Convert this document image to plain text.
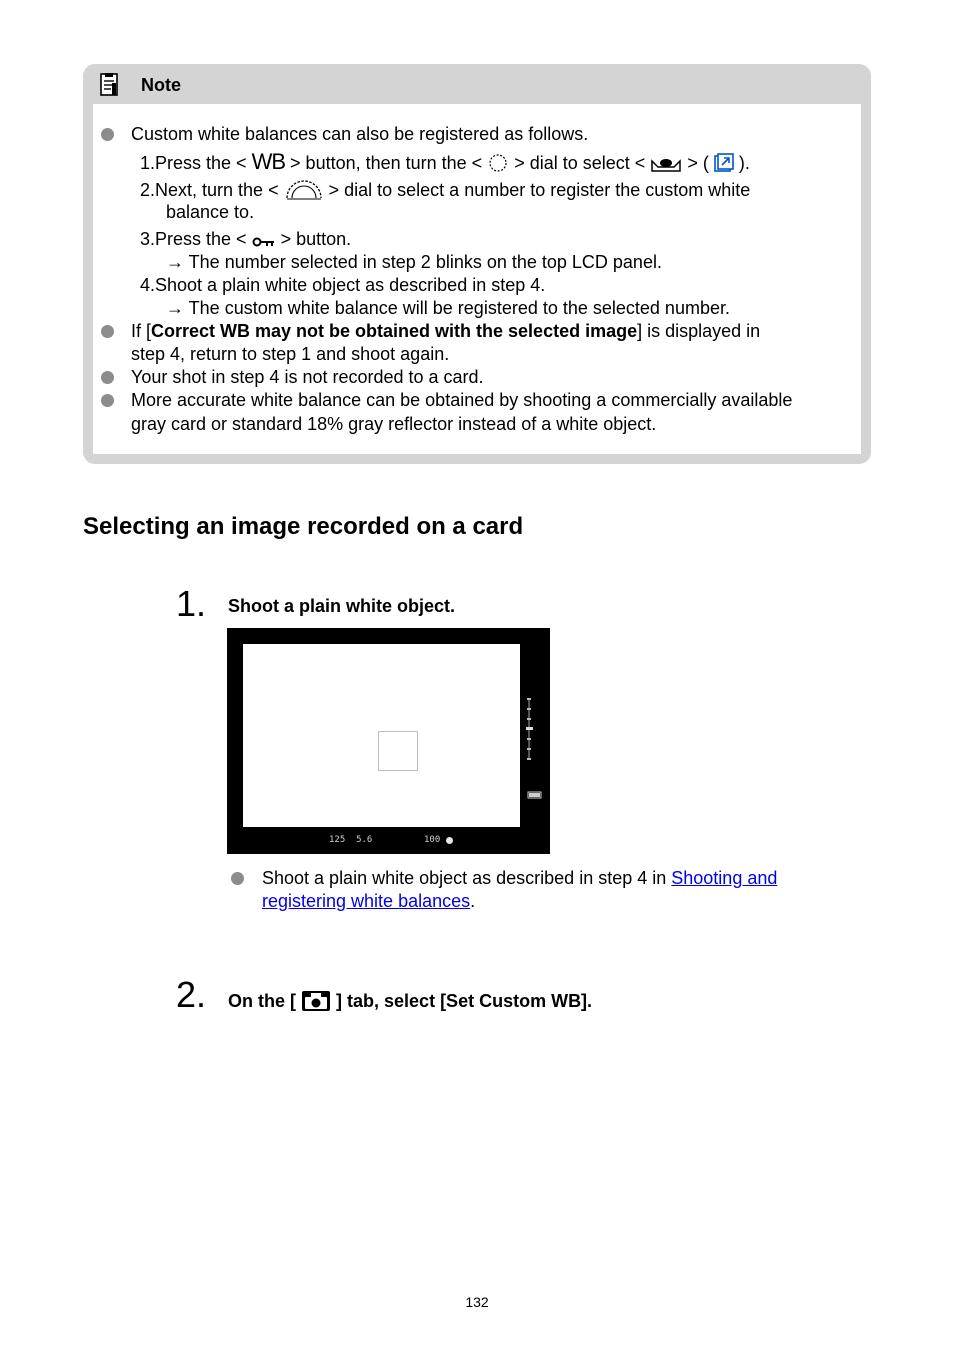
Note
Custom white balances can also be registered as follows.
1.Press the < WB > button, then turn the < > dial to select < > ( ).
2.Next, turn the <	> dial to select a number to register the custom white
balance to.
3.Press the < > button.
→ The number selected in step 2 blinks on the top LCD panel.
4.Shoot a plain white object as described in step 4.
→ The custom white balance will be registered to the selected number.
If [Correct WB may not be obtained with the selected image] is displayed in
step 4, return to step 1 and shoot again.
Your shot in step 4 is not recorded to a card.
More accurate white balance can be obtained by shooting a commercially available
gray card or standard 18% gray reflector instead of a white object.
Selecting an image recorded on a card
1. Shoot a plain white object.
125  5.6	100
Shoot a plain white object as described in step 4 in Shooting and
registering white balances.
2. On the [ ] tab, select [Set Custom WB].
132
